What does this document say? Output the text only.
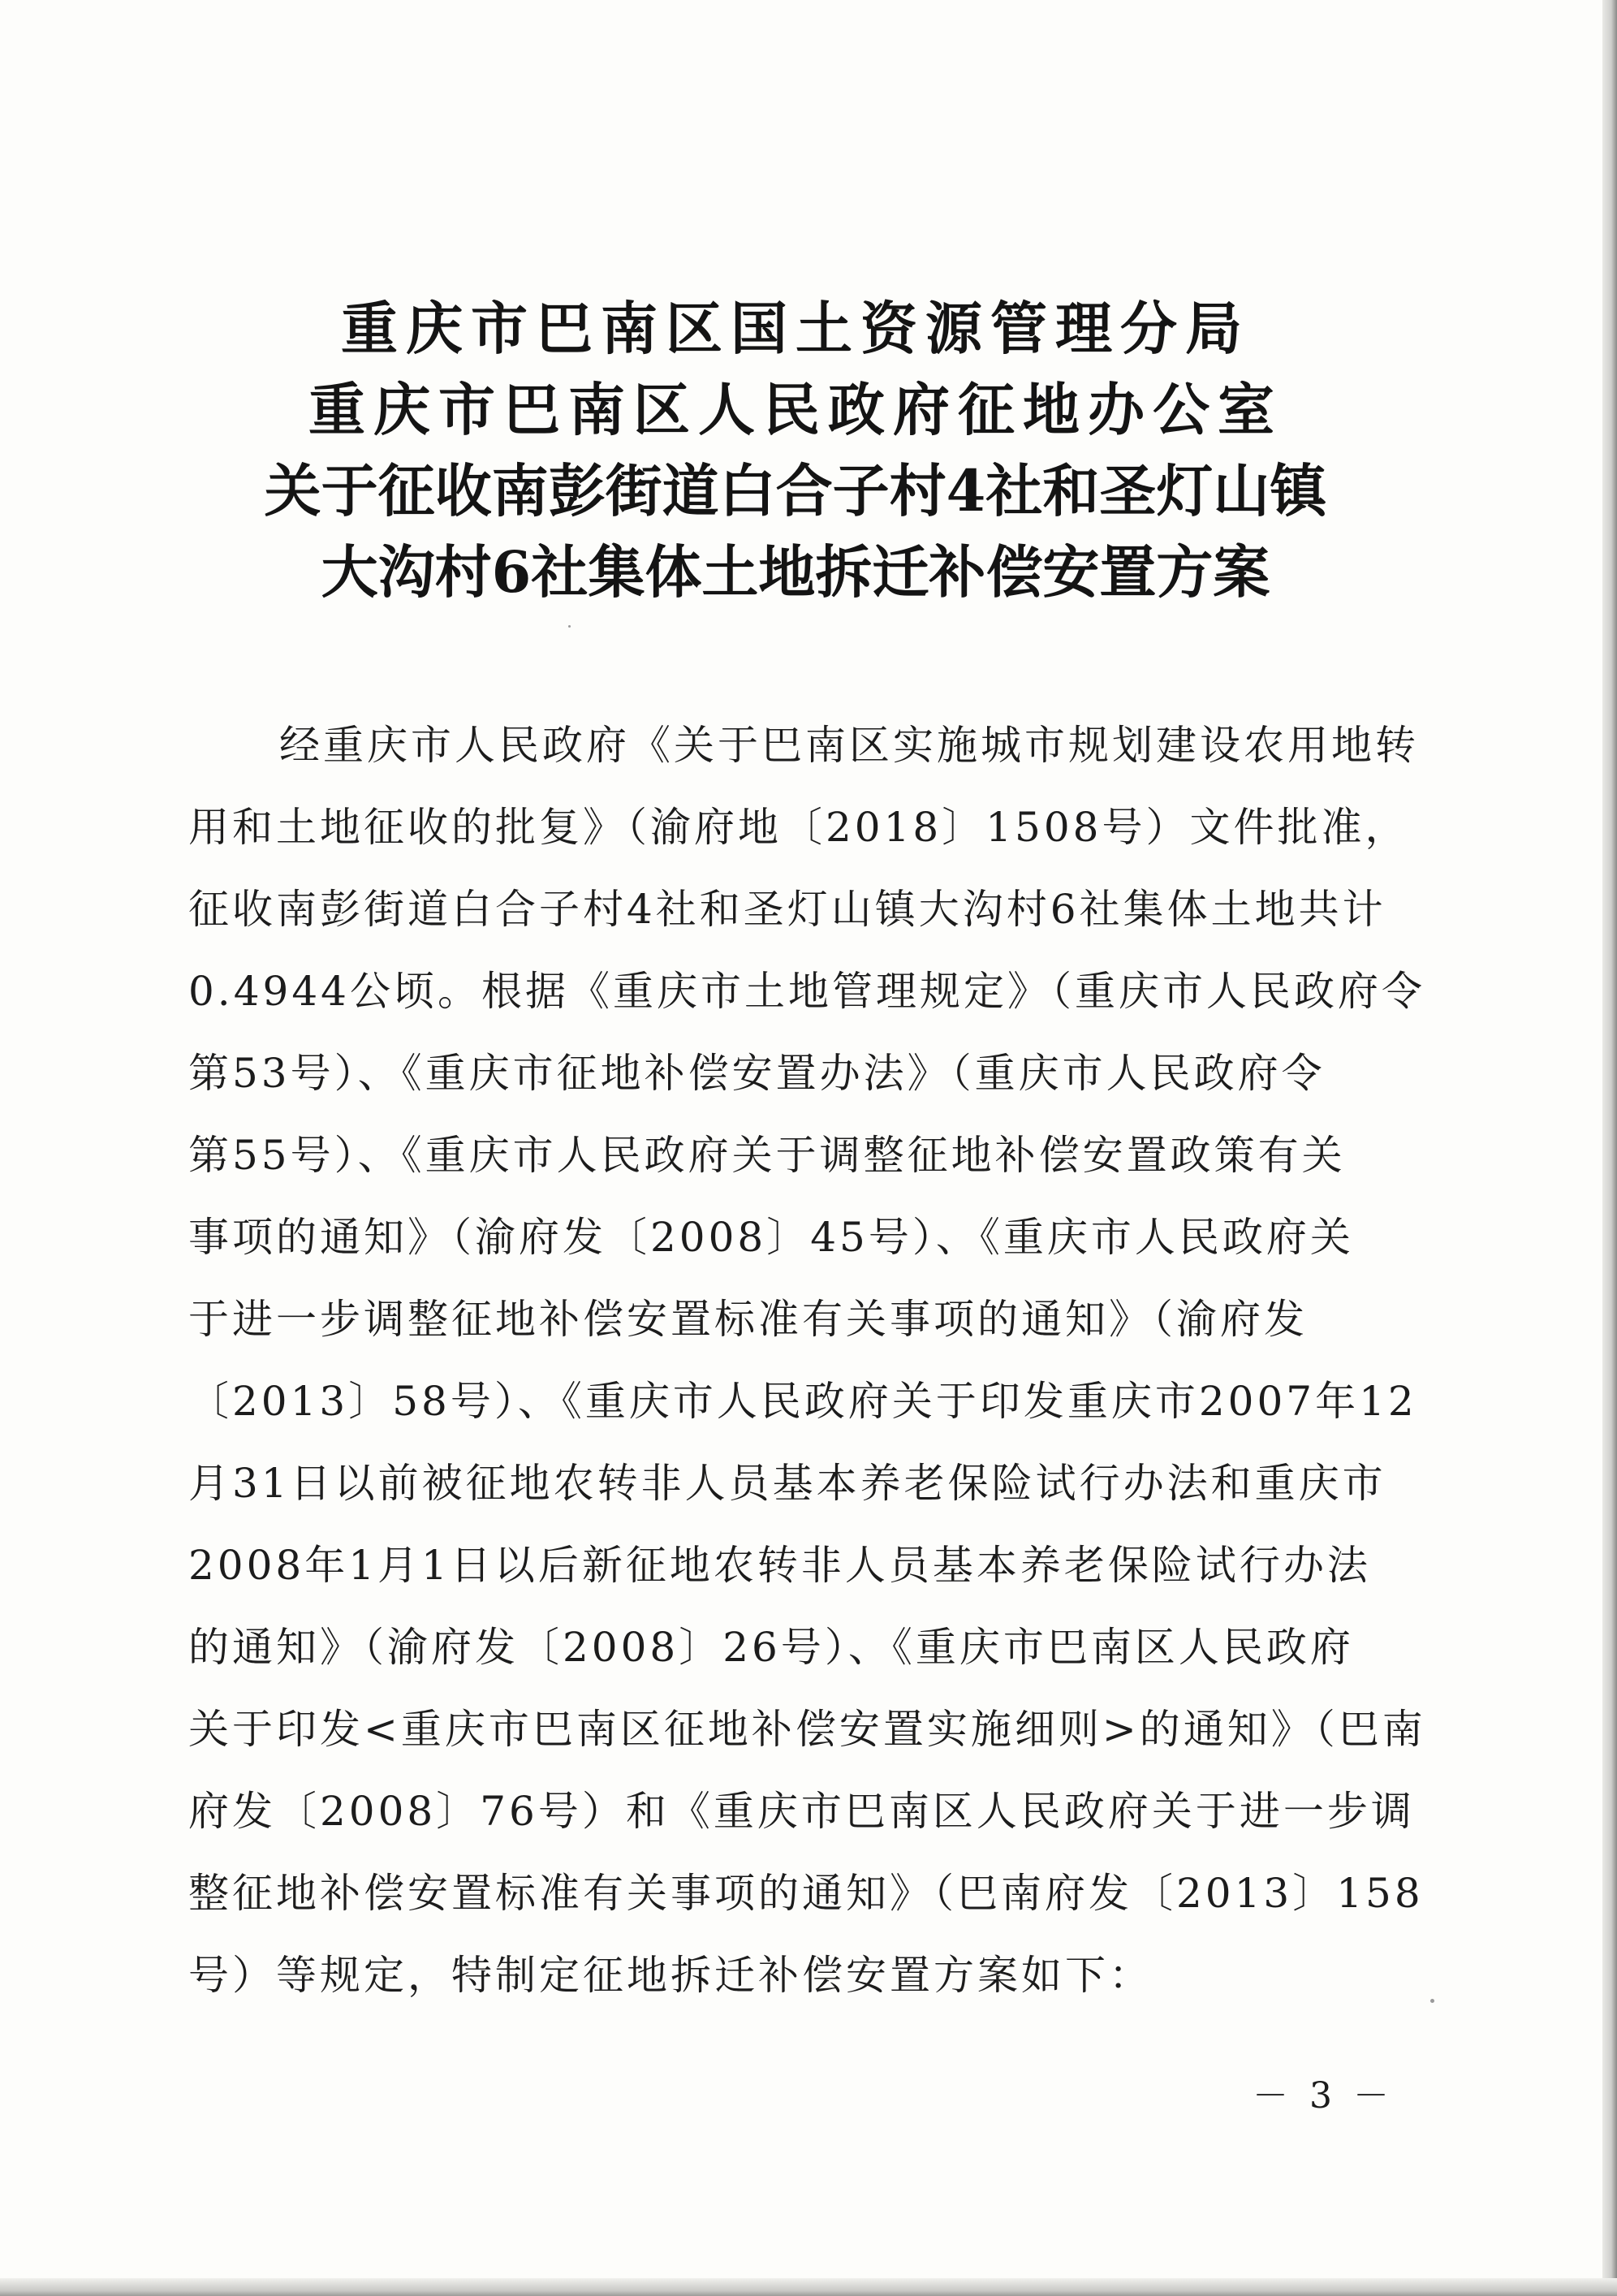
重庆市巴南区国土资源管理分局
重庆市巴南区人民政府征地办公室
关于征收南彭街道白合子村4社和圣灯山镇
大沟村6社集体土地拆迁补偿安置方案
经重庆市人民政府《关于巴南区实施城市规划建设农用地转
用和土地征收的批复》（渝府地〔2018〕1508号）文件批准，
征收南彭街道白合子村4社和圣灯山镇大沟村6社集体土地共计
0.4944公顷。根据《重庆市土地管理规定》（重庆市人民政府令
第53号）、《重庆市征地补偿安置办法》（重庆市人民政府令
第55号）、《重庆市人民政府关于调整征地补偿安置政策有关
事项的通知》（渝府发〔2008〕45号）、《重庆市人民政府关
于进一步调整征地补偿安置标准有关事项的通知》（渝府发
〔2013〕58号）、《重庆市人民政府关于印发重庆市2007年12
月31日以前被征地农转非人员基本养老保险试行办法和重庆市
2008年1月1日以后新征地农转非人员基本养老保险试行办法
的通知》（渝府发〔2008〕26号）、《重庆市巴南区人民政府
关于印发<重庆市巴南区征地补偿安置实施细则>的通知》（巴南
府发〔2008〕76号）和《重庆市巴南区人民政府关于进一步调
整征地补偿安置标准有关事项的通知》（巴南府发〔2013〕158
号）等规定，特制定征地拆迁补偿安置方案如下：
－ 3 －
